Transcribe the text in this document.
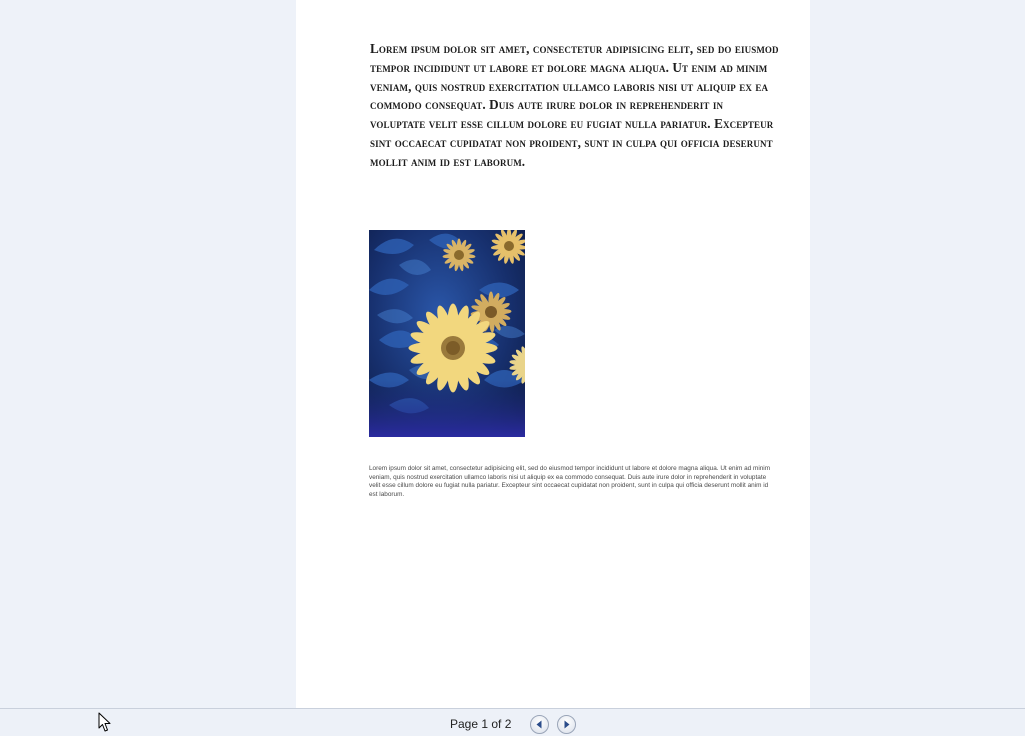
Lorem ipsum dolor sit amet, consectetur adipisicing elit, sed do eiusmod tempor incididunt ut labore et dolore magna aliqua. Ut enim ad minim veniam, quis nostrud exercitation ullamco laboris nisi ut aliquip ex ea commodo consequat. Duis aute irure dolor in reprehenderit in voluptate velit esse cillum dolore eu fugiat nulla pariatur. Excepteur sint occaecat cupidatat non proident, sunt in culpa qui officia deserunt mollit anim id est laborum.

Lorem ipsum dolor sit amet, consectetur adipisicing elit, sed do eiusmod tempor incididunt ut labore et dolore magna aliqua. Ut enim ad minim veniam, quis nostrud exercitation ullamco laboris nisi ut aliquip ex ea commodo consequat. Duis aute irure dolor in reprehenderit in voluptate velit esse cillum dolore eu fugiat nulla pariatur. Excepteur sint occaecat cupidatat non proident, sunt in culpa qui officia deserunt mollit anim id est laborum.

Page 1 of 2
